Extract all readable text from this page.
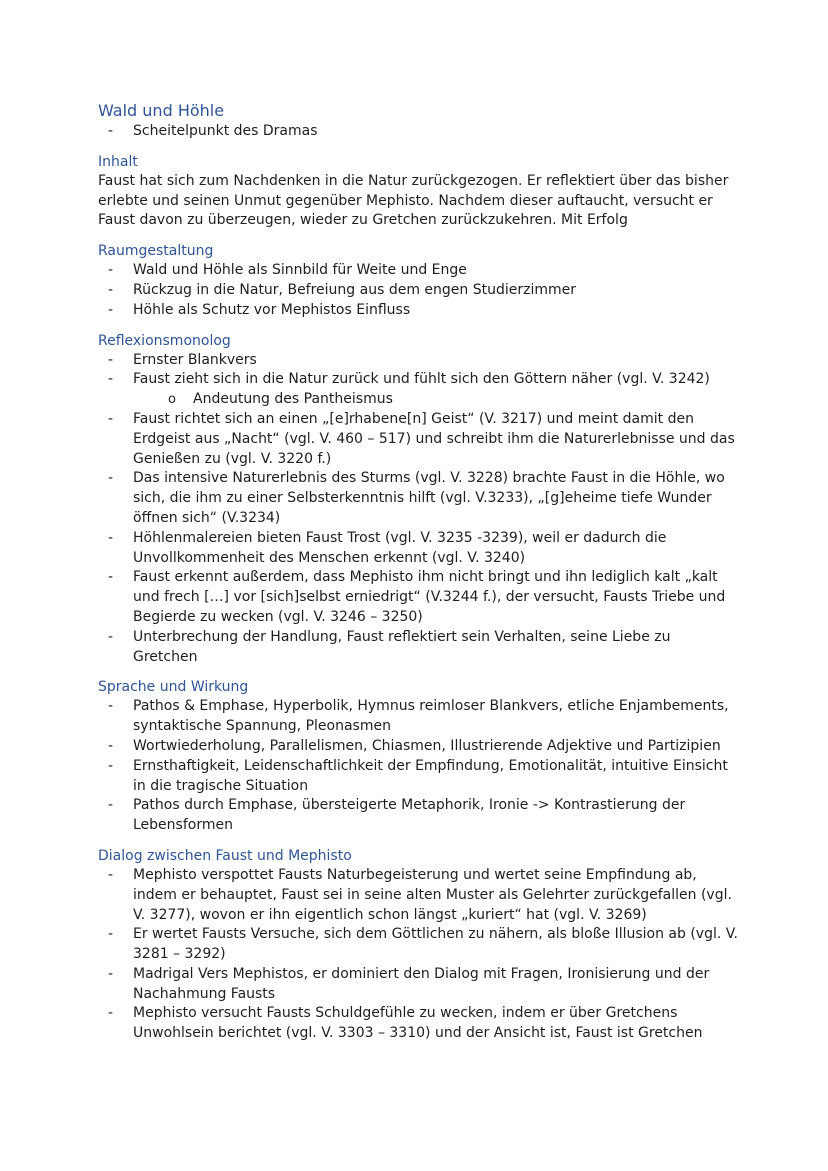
Wald und Höhle
- Scheitelpunkt des Dramas
Inhalt

Faust hat sich zum Nachdenken in die Natur zurückgezogen. Er reflektiert über das bisher erlebte und seinen Unmut gegenüber Mephisto. Nachdem dieser auftaucht, versucht er Faust davon zu überzeugen, wieder zu Gretchen zurückzukehren. Mit Erfolg

Raumgestaltung
- Wald und Höhle als Sinnbild für Weite und Enge
- Rückzug in die Natur, Befreiung aus dem engen Studierzimmer
- Höhle als Schutz vor Mephistos Einfluss
Reflexionsmonolog
- Ernster Blankvers
- Faust zieht sich in die Natur zurück und fühlt sich den Göttern näher (vgl. V. 3242)
o Andeutung des Pantheismus
- Faust richtet sich an einen „[e]rhabene[n] Geist“ (V. 3217) und meint damit den Erdgeist aus „Nacht“ (vgl. V. 460 – 517) und schreibt ihm die Naturerlebnisse und das Genießen zu (vgl. V. 3220 f.)
- Das intensive Naturerlebnis des Sturms (vgl. V. 3228) brachte Faust in die Höhle, wo sich, die ihm zu einer Selbsterkenntnis hilft (vgl. V.3233), „[g]eheime tiefe Wunder öffnen sich“ (V.3234)
- Höhlenmalereien bieten Faust Trost (vgl. V. 3235 -3239), weil er dadurch die Unvollkommenheit des Menschen erkennt (vgl. V. 3240)
- Faust erkennt außerdem, dass Mephisto ihm nicht bringt und ihn lediglich kalt „kalt und frech […] vor [sich]selbst erniedrigt“ (V.3244 f.), der versucht, Fausts Triebe und Begierde zu wecken (vgl. V. 3246 – 3250)
- Unterbrechung der Handlung, Faust reflektiert sein Verhalten, seine Liebe zu Gretchen
Sprache und Wirkung
- Pathos & Emphase, Hyperbolik, Hymnus reimloser Blankvers, etliche Enjambements, syntaktische Spannung, Pleonasmen
- Wortwiederholung, Parallelismen, Chiasmen, Illustrierende Adjektive und Partizipien
- Ernsthaftigkeit, Leidenschaftlichkeit der Empfindung, Emotionalität, intuitive Einsicht in die tragische Situation
- Pathos durch Emphase, übersteigerte Metaphorik, Ironie -> Kontrastierung der Lebensformen
Dialog zwischen Faust und Mephisto
- Mephisto verspottet Fausts Naturbegeisterung und wertet seine Empfindung ab, indem er behauptet, Faust sei in seine alten Muster als Gelehrter zurückgefallen (vgl. V. 3277), wovon er ihn eigentlich schon längst „kuriert“ hat (vgl. V. 3269)
- Er wertet Fausts Versuche, sich dem Göttlichen zu nähern, als bloße Illusion ab (vgl. V. 3281 – 3292)
- Madrigal Vers Mephistos, er dominiert den Dialog mit Fragen, Ironisierung und der Nachahmung Fausts
- Mephisto versucht Fausts Schuldgefühle zu wecken, indem er über Gretchens Unwohlsein berichtet (vgl. V. 3303 – 3310) und der Ansicht ist, Faust ist Gretchen
